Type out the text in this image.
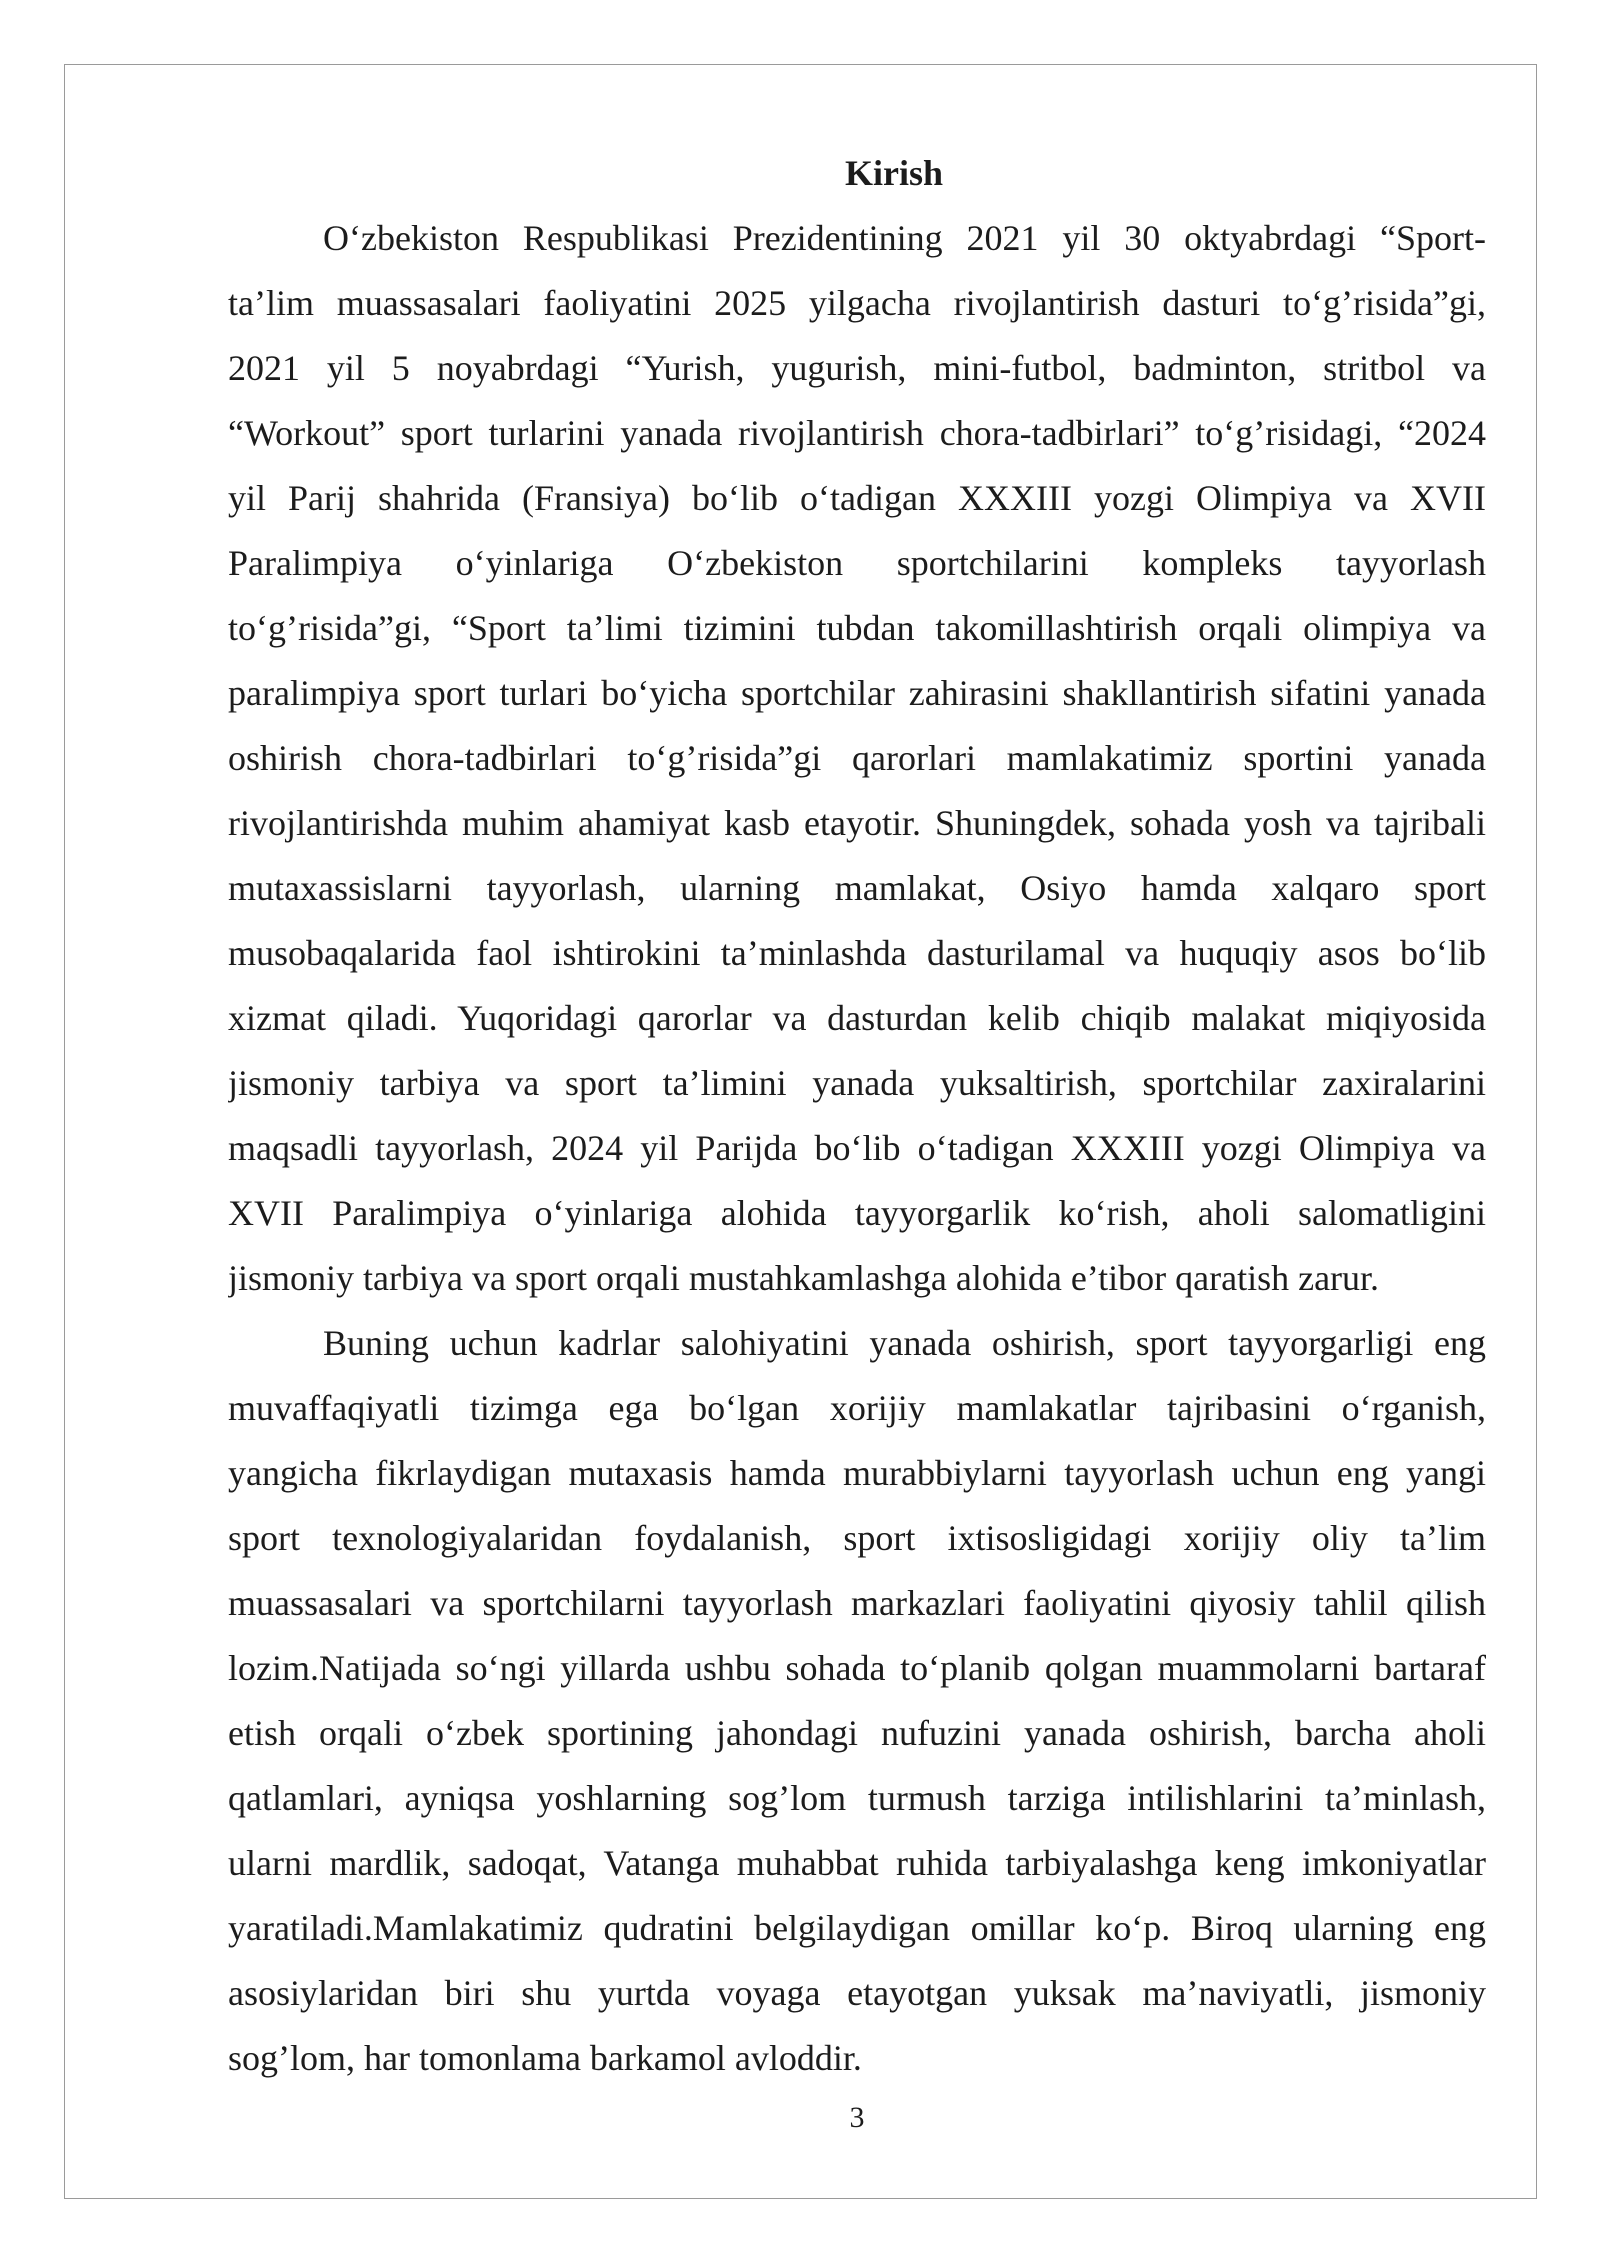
Kirish
O‘zbekiston Respublikasi Prezidentining 2021 yil 30 oktyabrdagi “Sport-
ta’lim muassasalari faoliyatini 2025 yilgacha rivojlantirish dasturi to‘g’risida”gi,
2021 yil 5 noyabrdagi “Yurish, yugurish, mini-futbol, badminton, stritbol va
“Workout” sport turlarini yanada rivojlantirish chora-tadbirlari” to‘g’risidagi, “2024
yil Parij shahrida (Fransiya) bo‘lib o‘tadigan XXXIII yozgi Olimpiya va XVII
Paralimpiya o‘yinlariga O‘zbekiston sportchilarini kompleks tayyorlash
to‘g’risida”gi, “Sport ta’limi tizimini tubdan takomillashtirish orqali olimpiya va
paralimpiya sport turlari bo‘yicha sportchilar zahirasini shakllantirish sifatini yanada
oshirish chora-tadbirlari to‘g’risida”gi qarorlari mamlakatimiz sportini yanada
rivojlantirishda muhim ahamiyat kasb etayotir. Shuningdek, sohada yosh va tajribali
mutaxassislarni tayyorlash, ularning mamlakat, Osiyo hamda xalqaro sport
musobaqalarida faol ishtirokini ta’minlashda dasturilamal va huquqiy asos bo‘lib
xizmat qiladi. Yuqoridagi qarorlar va dasturdan kelib chiqib malakat miqiyosida
jismoniy tarbiya va sport ta’limini yanada yuksaltirish, sportchilar zaxiralarini
maqsadli tayyorlash, 2024 yil Parijda bo‘lib o‘tadigan XXXIII yozgi Olimpiya va
XVII Paralimpiya o‘yinlariga alohida tayyorgarlik ko‘rish, aholi salomatligini
jismoniy tarbiya va sport orqali mustahkamlashga alohida e’tibor qaratish zarur.
Buning uchun kadrlar salohiyatini yanada oshirish, sport tayyorgarligi eng
muvaffaqiyatli tizimga ega bo‘lgan xorijiy mamlakatlar tajribasini o‘rganish,
yangicha fikrlaydigan mutaxasis hamda murabbiylarni tayyorlash uchun eng yangi
sport texnologiyalaridan foydalanish, sport ixtisosligidagi xorijiy oliy ta’lim
muassasalari va sportchilarni tayyorlash markazlari faoliyatini qiyosiy tahlil qilish
lozim.Natijada so‘ngi yillarda ushbu sohada to‘planib qolgan muammolarni bartaraf
etish orqali o‘zbek sportining jahondagi nufuzini yanada oshirish, barcha aholi
qatlamlari, ayniqsa yoshlarning sog’lom turmush tarziga intilishlarini ta’minlash,
ularni mardlik, sadoqat, Vatanga muhabbat ruhida tarbiyalashga keng imkoniyatlar
yaratiladi.Mamlakatimiz qudratini belgilaydigan omillar ko‘p. Biroq ularning eng
asosiylaridan biri shu yurtda voyaga etayotgan yuksak ma’naviyatli, jismoniy
sog’lom, har tomonlama barkamol avloddir.
3
